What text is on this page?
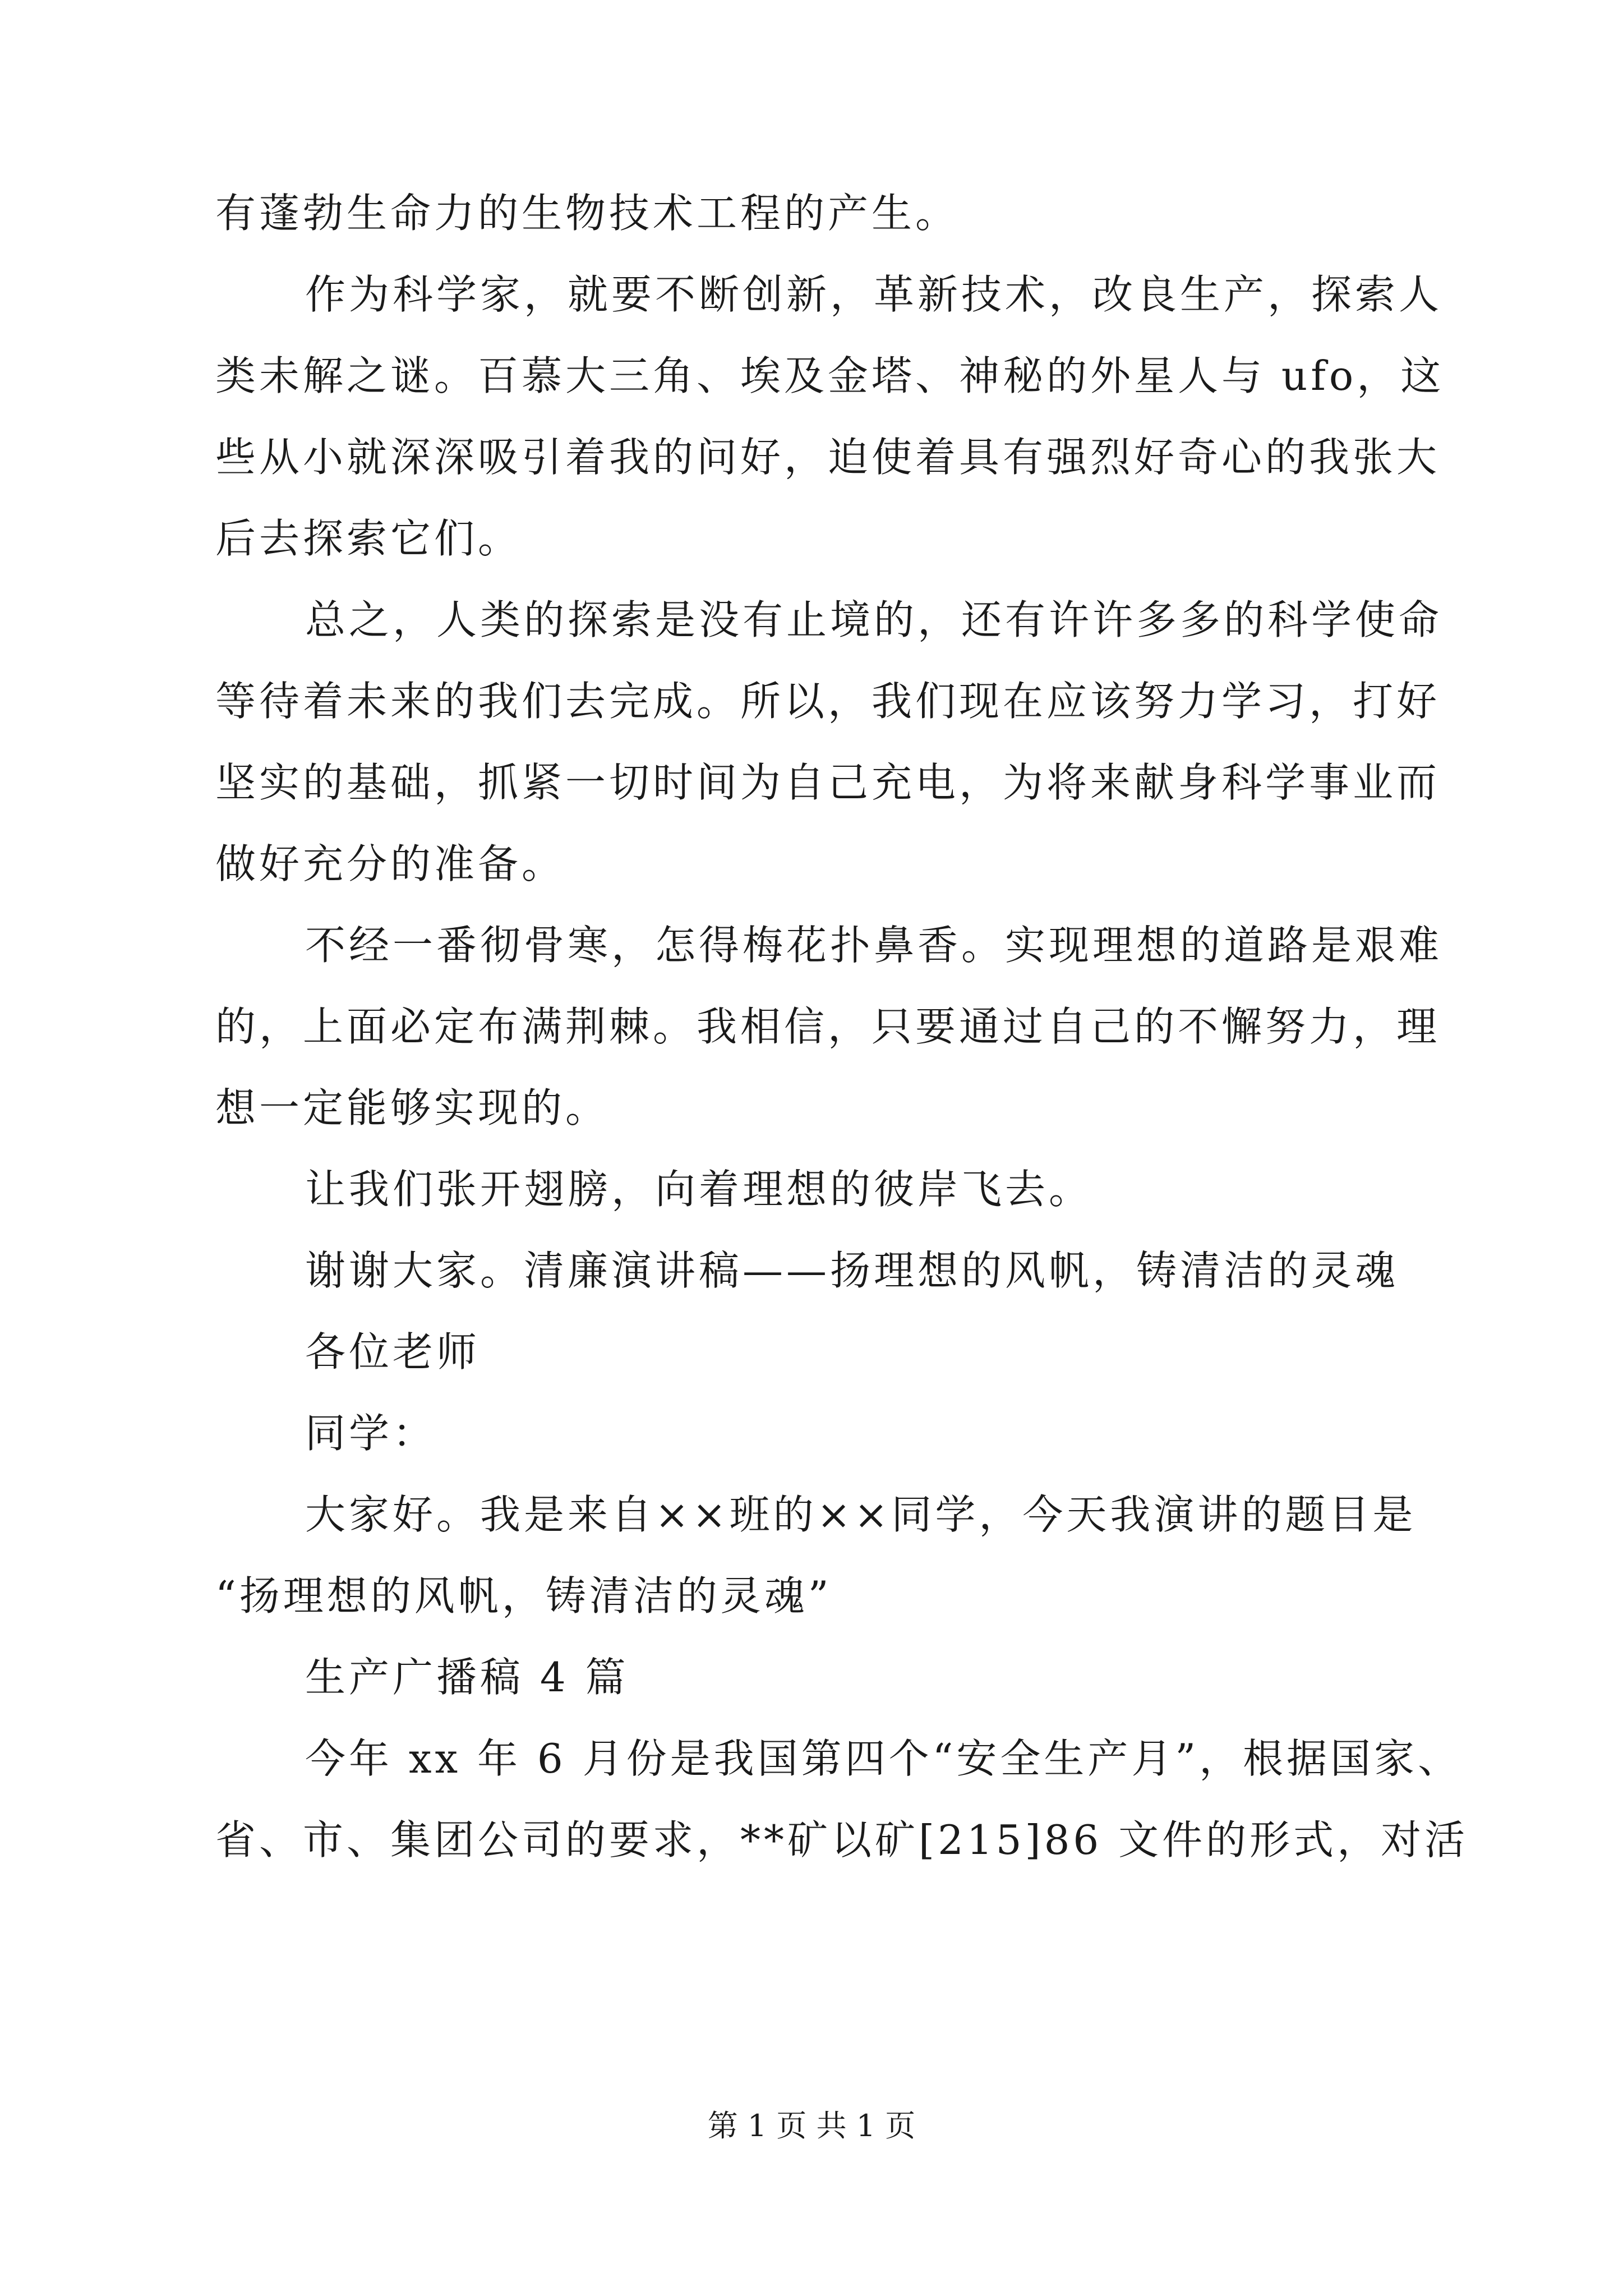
有蓬勃生命力的生物技术工程的产生。
作为科学家，就要不断创新，革新技术，改良生产，探索人
类未解之谜。百慕大三角、埃及金塔、神秘的外星人与 ufo，这
些从小就深深吸引着我的问好，迫使着具有强烈好奇心的我张大
后去探索它们。
总之，人类的探索是没有止境的，还有许许多多的科学使命
等待着未来的我们去完成。所以，我们现在应该努力学习，打好
坚实的基础，抓紧一切时间为自己充电，为将来献身科学事业而
做好充分的准备。
不经一番彻骨寒，怎得梅花扑鼻香。实现理想的道路是艰难
的，上面必定布满荆棘。我相信，只要通过自己的不懈努力，理
想一定能够实现的。
让我们张开翅膀，向着理想的彼岸飞去。
谢谢大家。清廉演讲稿——扬理想的风帆，铸清洁的灵魂
各位老师
同学：
大家好。我是来自××班的××同学，今天我演讲的题目是
“扬理想的风帆，铸清洁的灵魂”
生产广播稿 4 篇
今年 xx 年 6 月份是我国第四个“安全生产月”，根据国家、
省、市、集团公司的要求，**矿以矿[215]86 文件的形式，对活
第 1 页 共 1 页
